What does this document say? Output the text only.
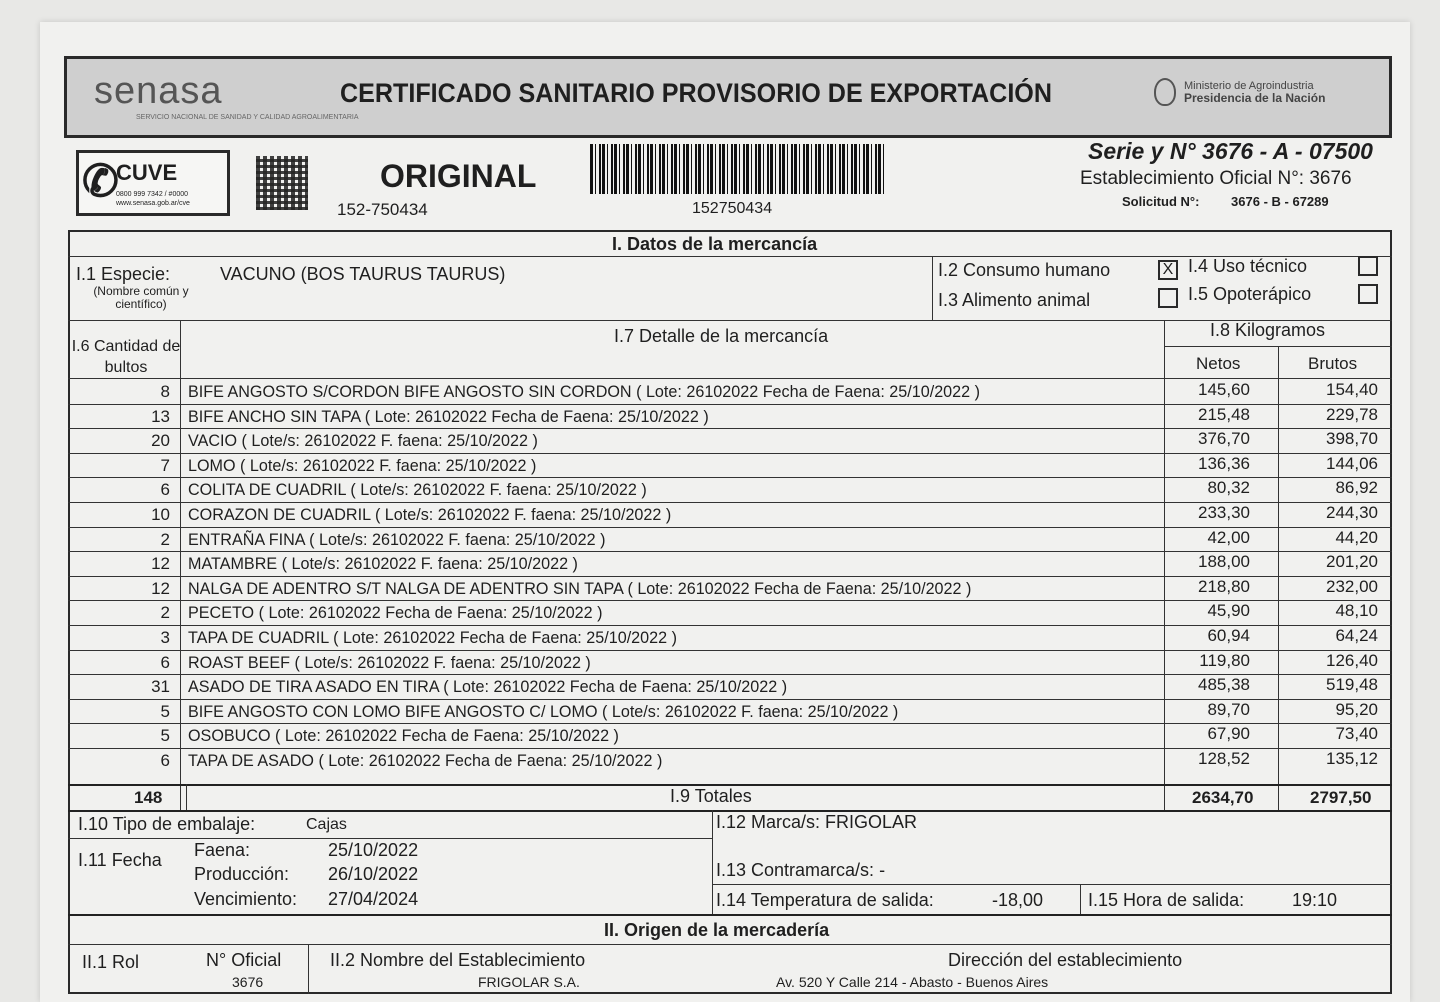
senasa
SERVICIO NACIONAL DE SANIDAD Y CALIDAD AGROALIMENTARIA
CERTIFICADO SANITARIO PROVISORIO DE EXPORTACIÓN	Ministerio de Agroindustria
Presidencia de la Nación
✆
CUVE
0800 999 7342 / #0000
www.senasa.gob.ar/cve
ORIGINAL
152-750434	152750434
Serie y N° 3676 - A - 07500
Establecimiento Oficial N°: 3676
Solicitud N°: 3676 - B - 67289
I. Datos de la mercancía
I.1 Especie:
(Nombre común y científico)
VACUNO (BOS TAURUS TAURUS)	I.2 Consumo humano	X I.4 Uso técnico
I.3 Alimento animal	I.5 Opoterápico
I.6 Cantidad de bultos
I.7 Detalle de la mercancía	I.8 Kilogramos
Netos	Brutos
8 BIFE ANGOSTO S/CORDON BIFE ANGOSTO SIN CORDON ( Lote: 26102022 Fecha de Faena: 25/10/2022 )	145,60	154,40
13 BIFE ANCHO SIN TAPA ( Lote: 26102022 Fecha de Faena: 25/10/2022 )	215,48	229,78
20 VACIO ( Lote/s: 26102022 F. faena: 25/10/2022 )	376,70	398,70
7 LOMO ( Lote/s: 26102022 F. faena: 25/10/2022 )	136,36	144,06
6 COLITA DE CUADRIL ( Lote/s: 26102022 F. faena: 25/10/2022 )	80,32	86,92
10 CORAZON DE CUADRIL ( Lote/s: 26102022 F. faena: 25/10/2022 )	233,30	244,30
2 ENTRAÑA FINA ( Lote/s: 26102022 F. faena: 25/10/2022 )	42,00	44,20
12 MATAMBRE ( Lote/s: 26102022 F. faena: 25/10/2022 )	188,00	201,20
12 NALGA DE ADENTRO S/T NALGA DE ADENTRO SIN TAPA ( Lote: 26102022 Fecha de Faena: 25/10/2022 )	218,80	232,00
2 PECETO ( Lote: 26102022 Fecha de Faena: 25/10/2022 )	45,90	48,10
3 TAPA DE CUADRIL ( Lote: 26102022 Fecha de Faena: 25/10/2022 )	60,94	64,24
6 ROAST BEEF ( Lote/s: 26102022 F. faena: 25/10/2022 )	119,80	126,40
31 ASADO DE TIRA ASADO EN TIRA ( Lote: 26102022 Fecha de Faena: 25/10/2022 )	485,38	519,48
5 BIFE ANGOSTO CON LOMO BIFE ANGOSTO C/ LOMO ( Lote/s: 26102022 F. faena: 25/10/2022 )	89,70	95,20
5 OSOBUCO ( Lote: 26102022 Fecha de Faena: 25/10/2022 )	67,90	73,40
6 TAPA DE ASADO ( Lote: 26102022 Fecha de Faena: 25/10/2022 )	128,52	135,12
148	I.9 Totales	2634,70	2797,50
I.10 Tipo de embalaje:	Cajas
I.11 Fecha Faena:	25/10/2022
Producción: 26/10/2022
Vencimiento: 27/04/2024
I.12 Marca/s: FRIGOLAR
I.13 Contramarca/s: -
I.14 Temperatura de salida:	-18,00 I.15 Hora de salida:	19:10
II. Origen de la mercadería
II.1 Rol	N° Oficial	II.2 Nombre del Establecimiento	Dirección del establecimiento
3676	FRIGOLAR S.A.	Av. 520 Y Calle 214 - Abasto - Buenos Aires
